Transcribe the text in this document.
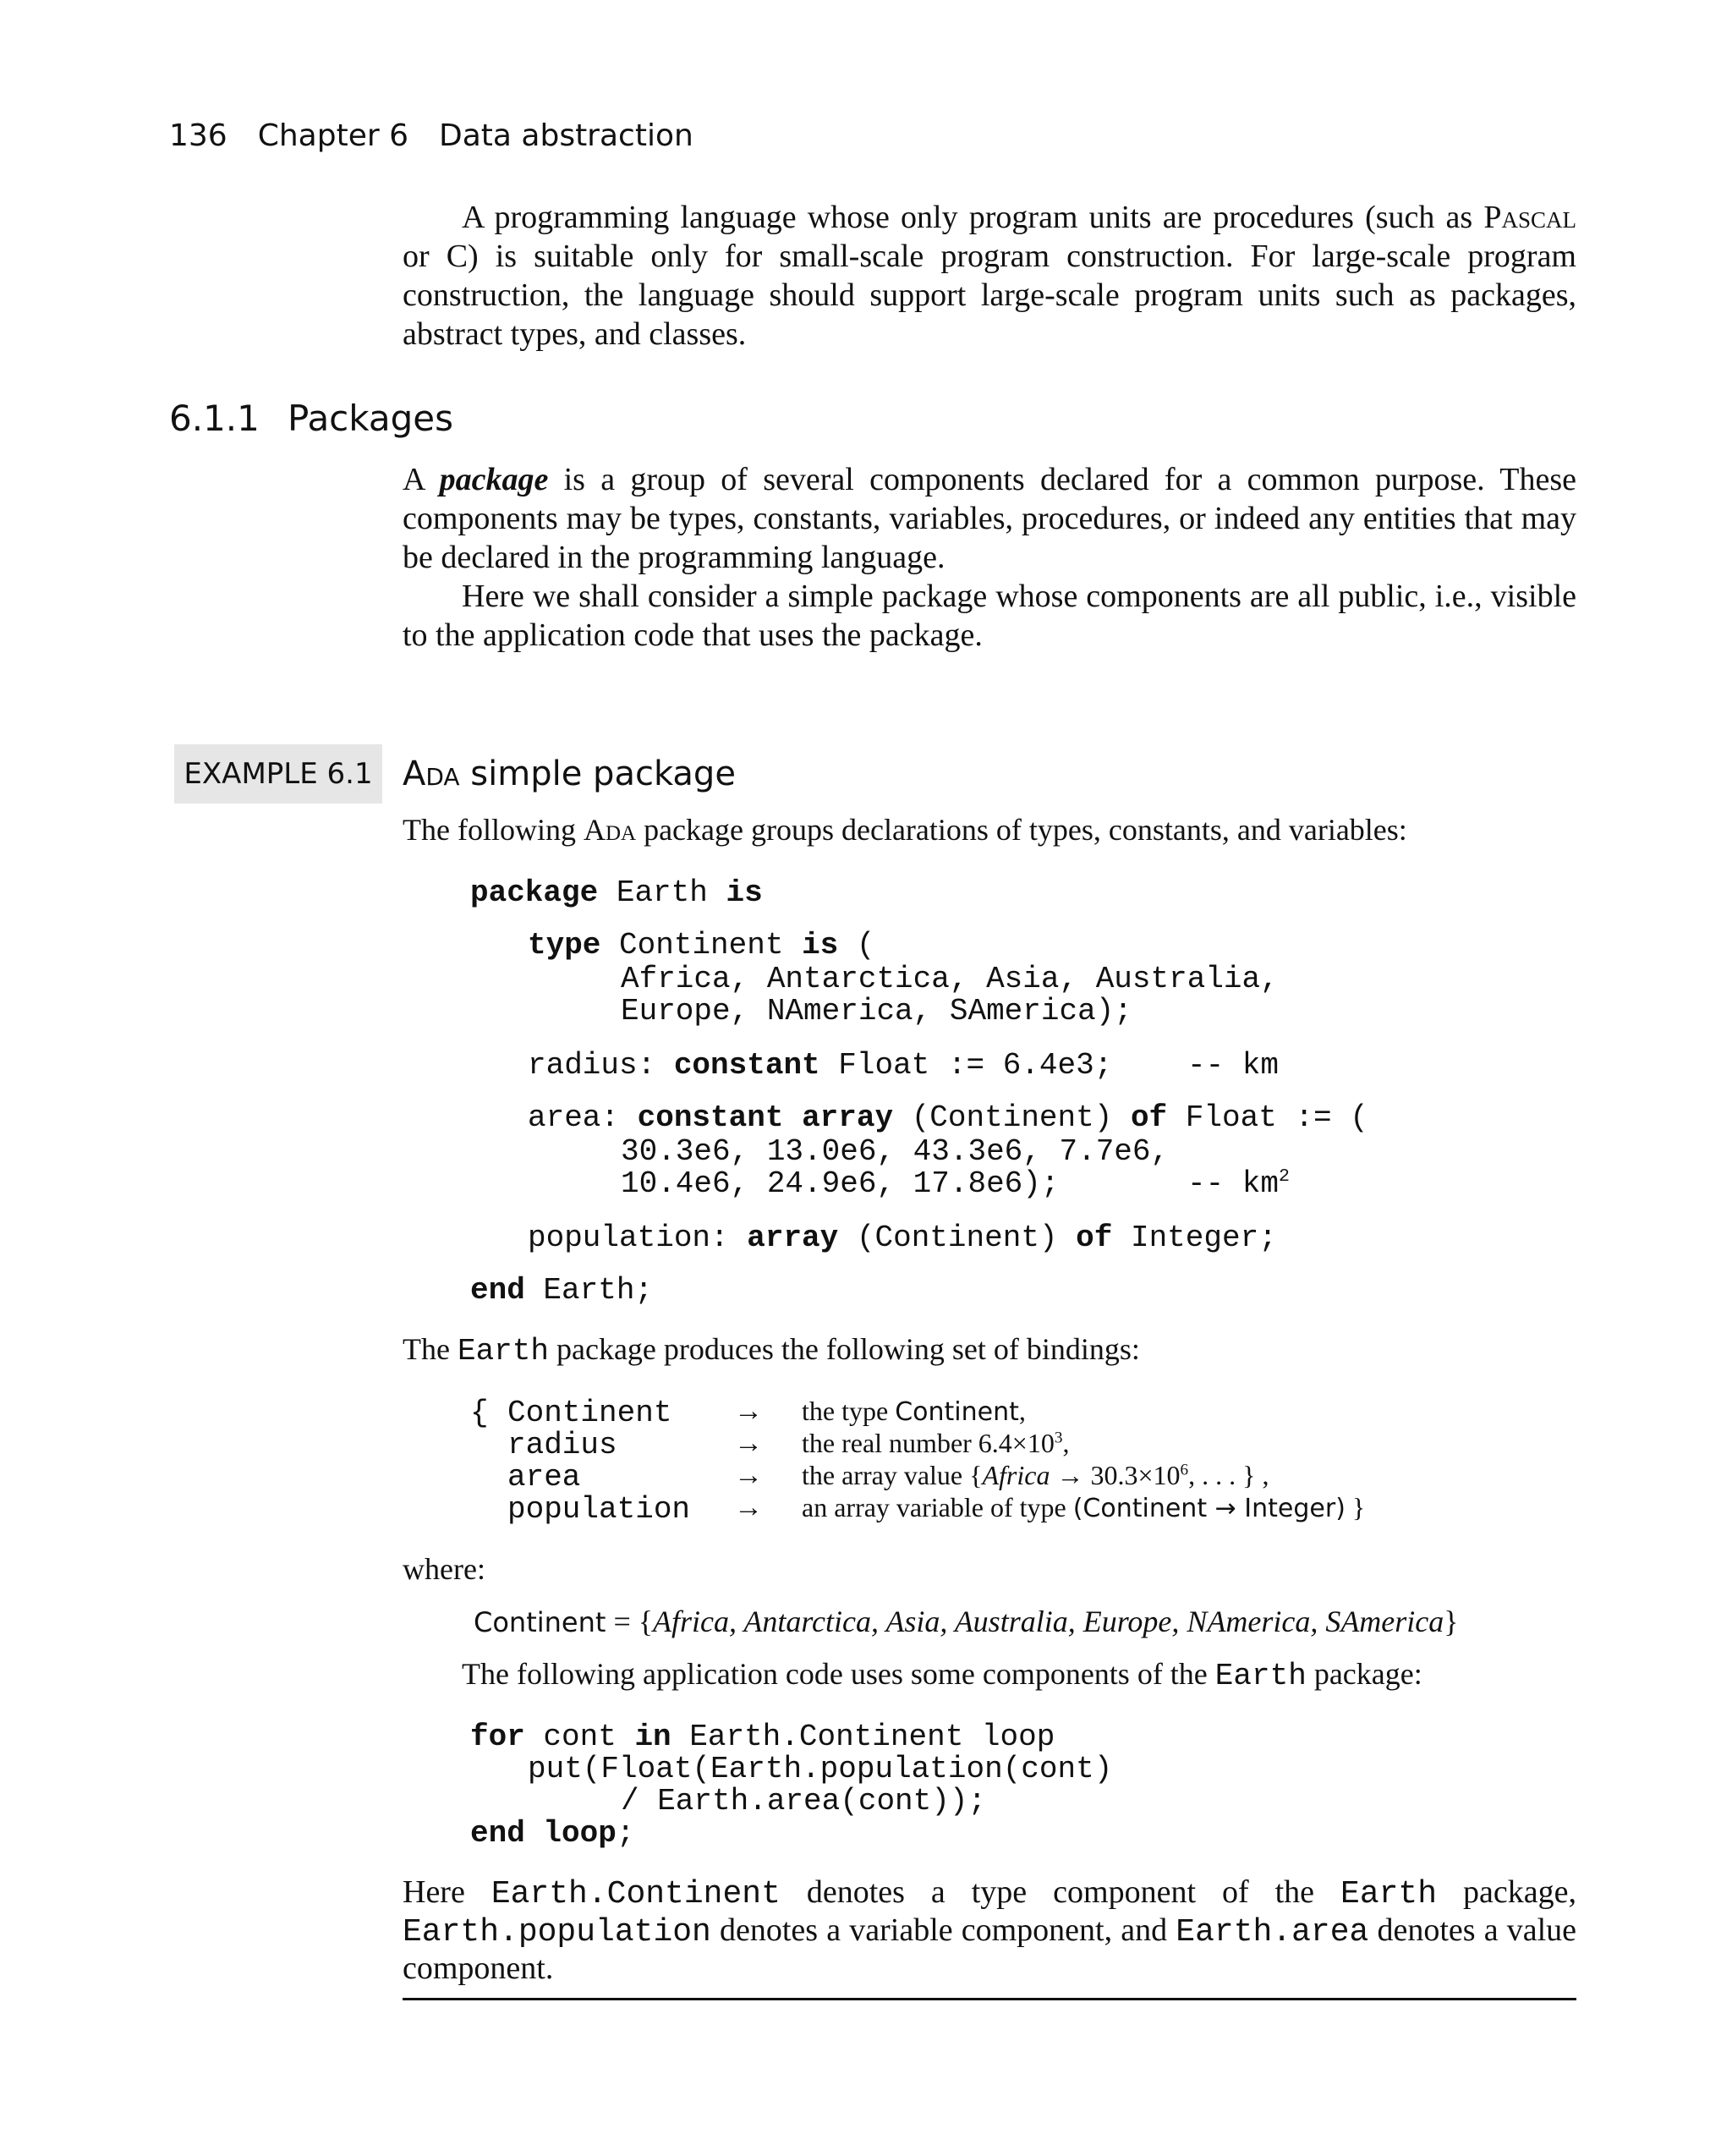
136 Chapter 6 Data abstraction
A programming language whose only program units are procedures (such as Pascal or C) is suitable only for small-scale program construction. For large-scale program construction, the language should support large-scale program units such as packages, abstract types, and classes.
6.1.1 Packages
A package is a group of several components declared for a common purpose. These components may be types, constants, variables, procedures, or indeed any entities that may be declared in the programming language.
Here we shall consider a simple package whose components are all public, i.e., visible to the application code that uses the package.
EXAMPLE 6.1 Ada simple package
The following Ada package groups declarations of types, constants, and variables:
package Earth is
type Continent is (
Africa, Antarctica, Asia, Australia,
Europe, NAmerica, SAmerica);
radius: constant Float := 6.4e3; -- km
area: constant array (Continent) of Float := (
30.3e6, 13.0e6, 43.3e6, 7.7e6,
10.4e6, 24.9e6, 17.8e6);	-- $km^2$
population: array (Continent) of Integer;
end Earth;
The Earth package produces the following set of bindings:
{ Continent → the type Continent,
radius	→ the real number $6.4\times 10^3$,
area	→ the array value {Africa → $30.3\times 10^6$, . . . } ,
population → an array variable of type (Continent → Integer) }
where:
Continent = {Africa, Antarctica, Asia, Australia, Europe, NAmerica, SAmerica}
The following application code uses some components of the Earth package:
for cont in Earth.Continent loop
put(Float(Earth.population(cont)
/ Earth.area(cont));
end loop;
Here Earth.Continent denotes a type component of the Earth package, Earth.population denotes a variable component, and Earth.area denotes a value component.
